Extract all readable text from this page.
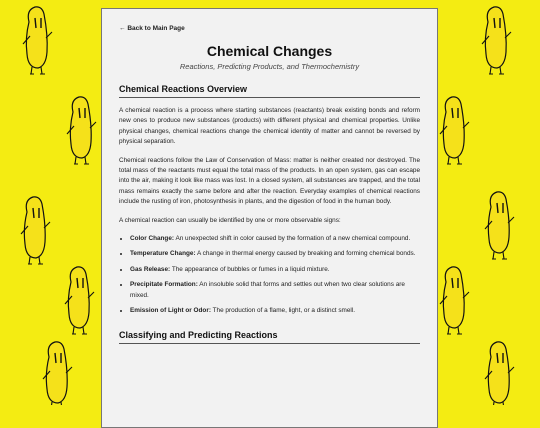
← Back to Main Page
Chemical Changes
Reactions, Predicting Products, and Thermochemistry
Chemical Reactions Overview

A chemical reaction is a process where starting substances (reactants) break existing bonds and reform new ones to produce new substances (products) with different physical and chemical properties. Unlike physical changes, chemical reactions change the chemical identity of matter and cannot be reversed by physical separation.

Chemical reactions follow the Law of Conservation of Mass: matter is neither created nor destroyed. The total mass of the reactants must equal the total mass of the products. In an open system, gas can escape into the air, making it look like mass was lost. In a closed system, all substances are trapped, and the total mass remains exactly the same before and after the reaction. Everyday examples of chemical reactions include the rusting of iron, photosynthesis in plants, and the digestion of food in the human body.

A chemical reaction can usually be identified by one or more observable signs:

• Color Change: An unexpected shift in color caused by the formation of a new chemical compound.
• Temperature Change: A change in thermal energy caused by breaking and forming chemical bonds.
• Gas Release: The appearance of bubbles or fumes in a liquid mixture.
• Precipitate Formation: An insoluble solid that forms and settles out when two clear solutions are mixed.
• Emission of Light or Odor: The production of a flame, light, or a distinct smell.
Classifying and Predicting Reactions
